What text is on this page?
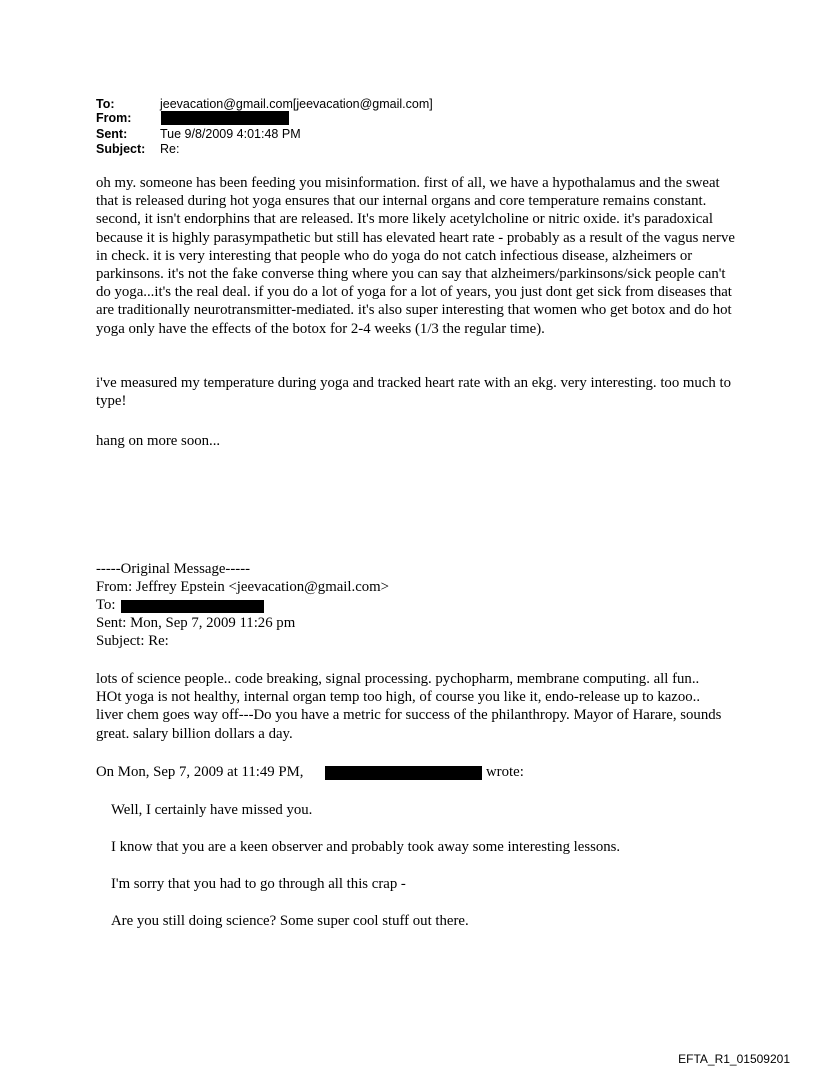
To:	jeevacation@gmail.com[jeevacation@gmail.com]
From:
Sent:	Tue 9/8/2009 4:01:48 PM
Subject: Re:

oh my. someone has been feeding you misinformation. first of all, we have a hypothalamus and the sweat that is released during hot yoga ensures that our internal organs and core temperature remains constant. second, it isn't endorphins that are released. It's more likely acetylcholine or nitric oxide. it's paradoxical because it is highly parasympathetic but still has elevated heart rate - probably as a result of the vagus nerve in check. it is very interesting that people who do yoga do not catch infectious disease, alzheimers or parkinsons. it's not the fake converse thing where you can say that alzheimers/parkinsons/sick people can't do yoga...it's the real deal. if you do a lot of yoga for a lot of years, you just dont get sick from diseases that are traditionally neurotransmitter-mediated. it's also super interesting that women who get botox and do hot yoga only have the effects of the botox for 2-4 weeks (1/3 the regular time).

i've measured my temperature during yoga and tracked heart rate with an ekg. very interesting. too much to type!

hang on more soon...

-----Original Message-----
From: Jeffrey Epstein <jeevacation@gmail.com>
To:
Sent: Mon, Sep 7, 2009 11:26 pm
Subject: Re:

lots of science people.. code breaking, signal processing. pychopharm, membrane computing. all fun.. HOt yoga is not healthy, internal organ temp too high, of course you like it, endo-release up to kazoo.. liver chem goes way off---Do you have a metric for success of the philanthropy. Mayor of Harare, sounds great. salary billion dollars a day.

On Mon, Sep 7, 2009 at 11:49 PM,	wrote:
Well, I certainly have missed you.
I know that you are a keen observer and probably took away some interesting lessons.
I'm sorry that you had to go through all this crap -
Are you still doing science? Some super cool stuff out there.
EFTA_R1_01509201
